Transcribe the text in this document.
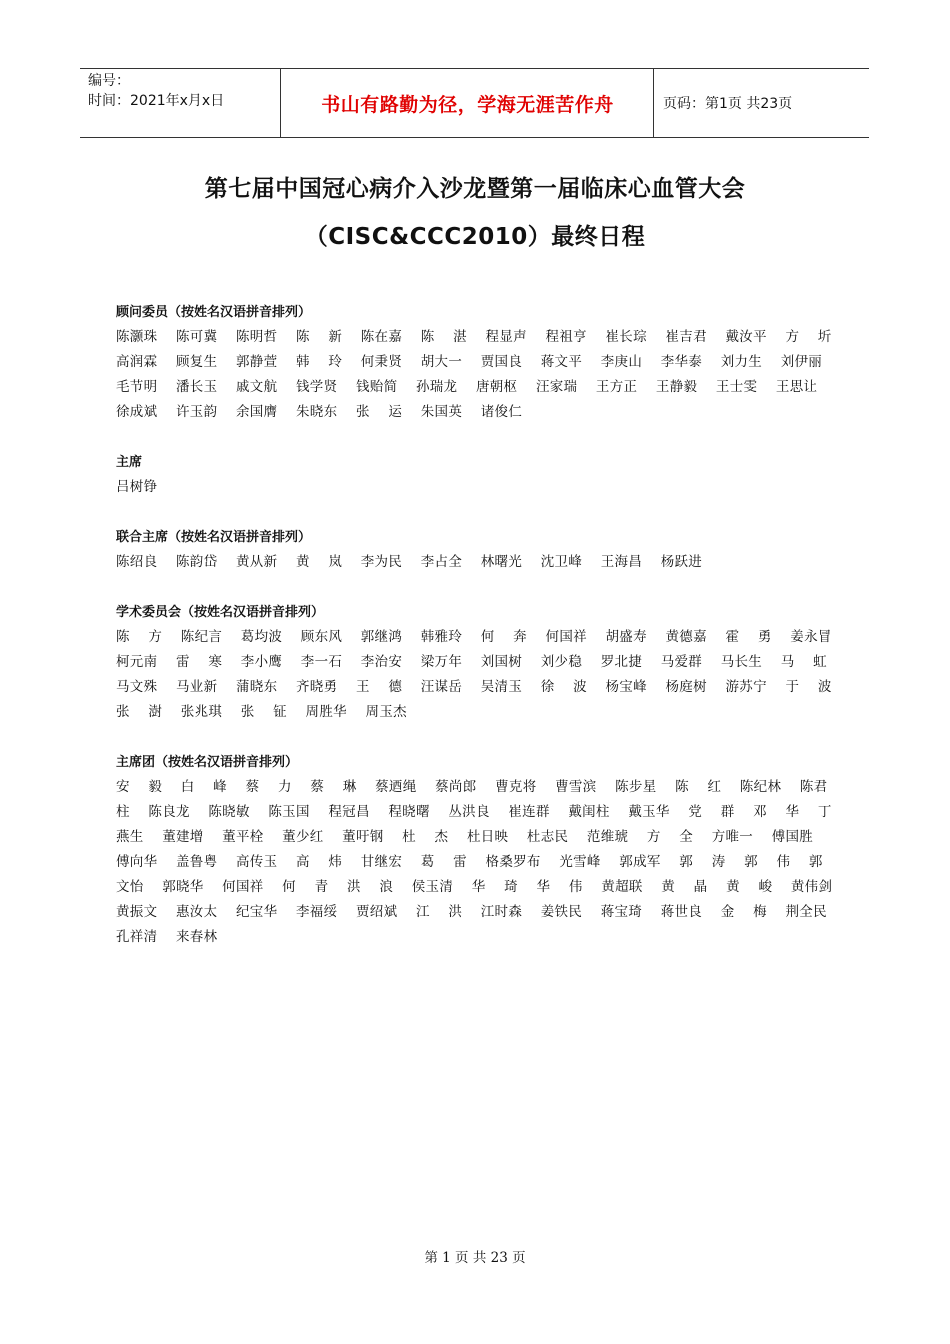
编号：
时间：2021年x月x日	书山有路勤为径，学海无涯苦作舟	页码：第1页 共23页
第七届中国冠心病介入沙龙暨第一届临床心血管大会
（CISC&CCC2010）最终日程

顾问委员（按姓名汉语拼音排列）

陈灏珠 陈可冀 陈明哲 陈 新 陈在嘉 陈 湛 程显声 程祖亨 崔长琮 崔吉君 戴汝平 方 圻 高润霖 顾复生 郭静萱 韩 玲 何秉贤 胡大一 贾国良 蒋文平 李庚山 李华泰 刘力生 刘伊丽 毛节明 潘长玉 戚文航 钱学贤 钱贻简 孙瑞龙 唐朝枢 汪家瑞 王方正 王静毅 王士雯 王思让 徐成斌 许玉韵 余国膺 朱晓东 张 运 朱国英 诸俊仁

主席

吕树铮

联合主席（按姓名汉语拼音排列）

陈绍良 陈韵岱 黄从新 黄 岚 李为民 李占全 林曙光 沈卫峰 王海昌 杨跃进

学术委员会（按姓名汉语拼音排列）

陈 方 陈纪言 葛均波 顾东风 郭继鸿 韩雅玲 何 奔 何国祥 胡盛寿 黄德嘉 霍 勇 姜永冒 柯元南 雷 寒 李小鹰 李一石 李治安 梁万年 刘国树 刘少稳 罗北捷 马爱群 马长生 马 虹 马文殊 马业新 蒲晓东 齐晓勇 王 德 汪谋岳 吴清玉 徐 波 杨宝峰 杨庭树 游苏宁 于 波 张 澍 张兆琪 张 钲 周胜华 周玉杰

主席团（按姓名汉语拼音排列）

安 毅 白 峰 蔡 力 蔡 琳 蔡迺绳 蔡尚郎 曹克将 曹雪滨 陈步星 陈 红 陈纪林 陈君柱 陈良龙 陈晓敏 陈玉国 程冠昌 程晓曙 丛洪良 崔连群 戴闺柱 戴玉华 党 群 邓 华 丁燕生 董建增 董平栓 董少红 董吁钢 杜 杰 杜日映 杜志民 范维琥 方 全 方唯一 傅国胜 傅向华 盖鲁粤 高传玉 高 炜 甘继宏 葛 雷 格桑罗布 光雪峰 郭成军 郭 涛 郭 伟 郭文怡 郭晓华 何国祥 何 青 洪 浪 侯玉清 华 琦 华 伟 黄超联 黄 晶 黄 峻 黄伟剑 黄振文 惠汝太 纪宝华 李福绥 贾绍斌 江 洪 江时森 姜铁民 蒋宝琦 蒋世良 金 梅 荆全民 孔祥清 来春林

第 1 页 共 23 页
